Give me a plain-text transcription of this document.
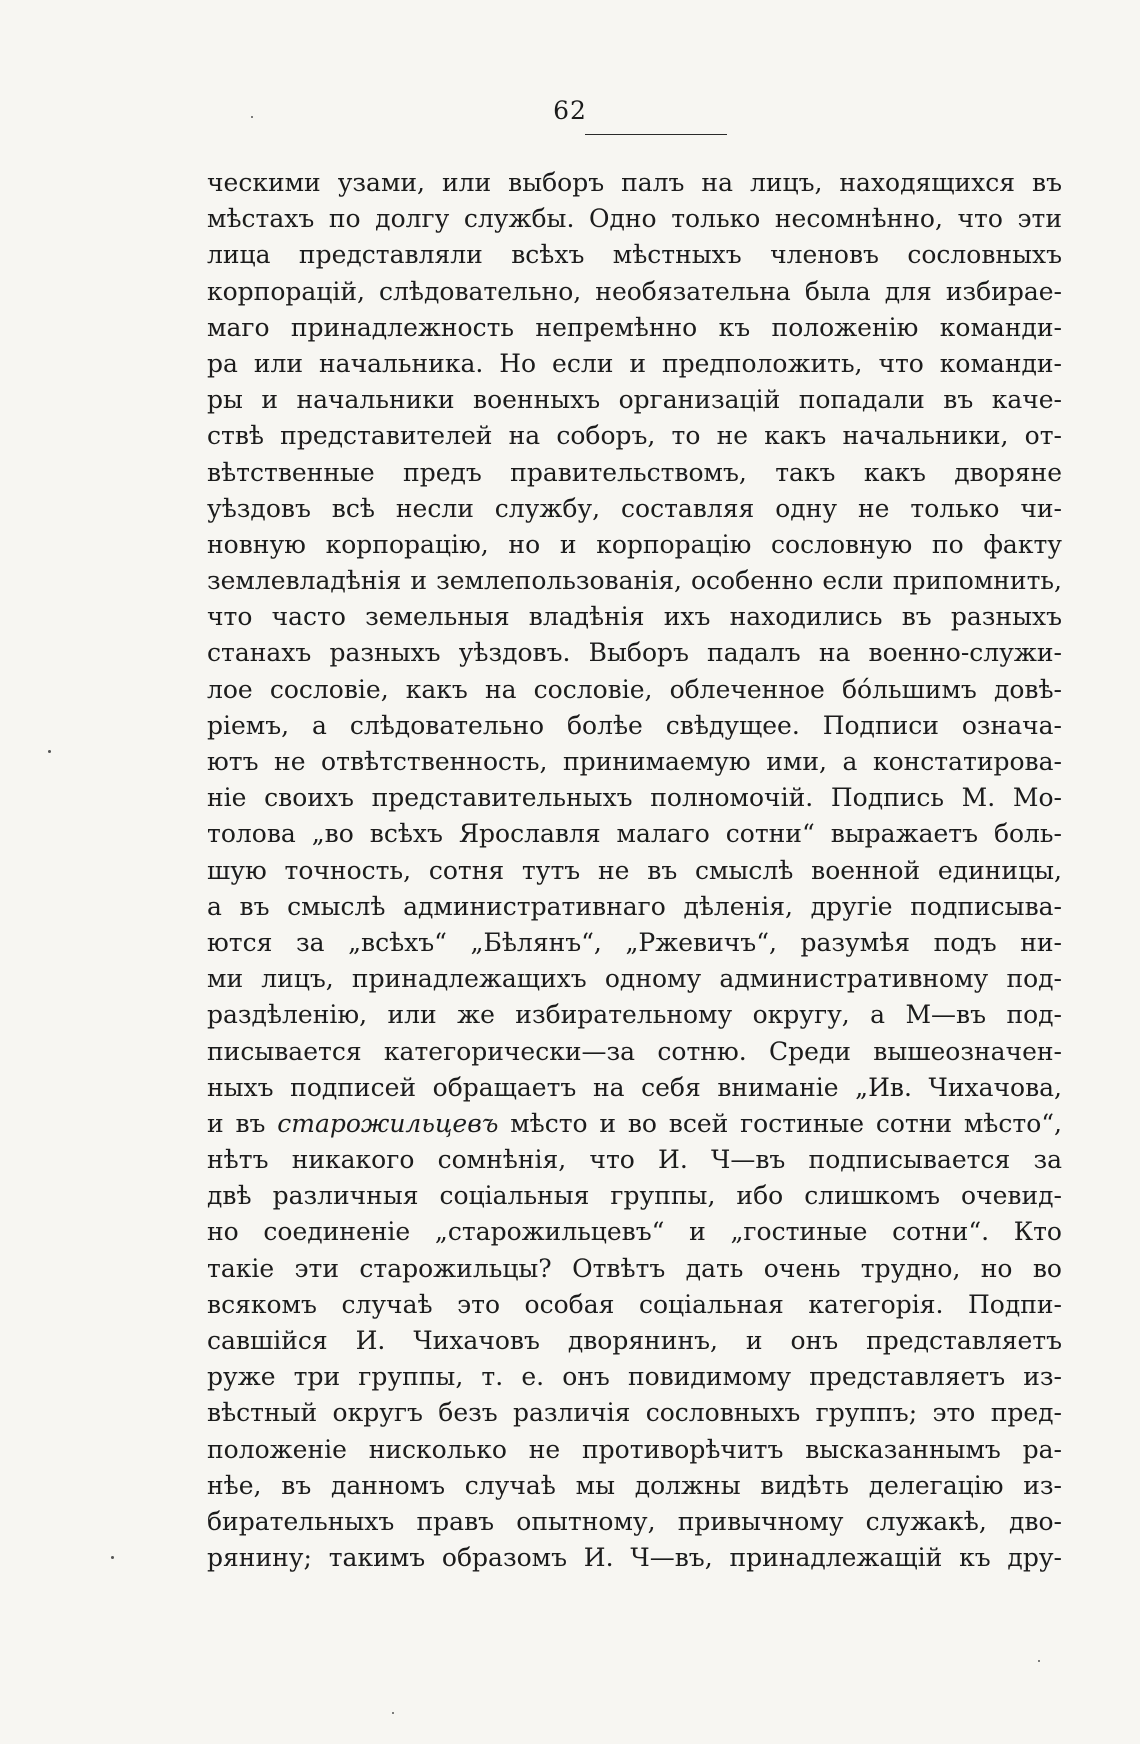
62
ческими узами, или выборъ палъ на лицъ, находящихся въ
мѣстахъ по долгу службы. Одно только несомнѣнно, что эти
лица представляли всѣхъ мѣстныхъ членовъ сословныхъ
корпорацій, слѣдовательно, необязательна была для избирае-
маго принадлежность непремѣнно къ положенію команди-
ра или начальника. Но если и предположить, что команди-
ры и начальники военныхъ организацій попадали въ каче-
ствѣ представителей на соборъ, то не какъ начальники, от-
вѣтственные предъ правительствомъ, такъ какъ дворяне
уѣздовъ всѣ несли службу, составляя одну не только чи-
новную корпорацію, но и корпорацію сословную по факту
землевладѣнія и землепользованія, особенно если припомнить,
что часто земельныя владѣнія ихъ находились въ разныхъ
станахъ разныхъ уѣздовъ. Выборъ падалъ на военно-служи-
лое сословіе, какъ на сословіе, облеченное бо́льшимъ довѣ-
ріемъ, а слѣдовательно болѣе свѣдущее. Подписи означа-
ютъ не отвѣтственность, принимаемую ими, а констатирова-
ніе своихъ представительныхъ полномочій. Подпись М. Мо-
толова „во всѣхъ Ярославля малаго сотни“ выражаетъ боль-
шую точность, сотня тутъ не въ смыслѣ военной единицы,
а въ смыслѣ административнаго дѣленія, другіе подписыва-
ются за „всѣхъ“ „Бѣлянъ“, „Ржевичъ“, разумѣя подъ ни-
ми лицъ, принадлежащихъ одному административному под-
раздѣленію, или же избирательному округу, а М—въ под-
писывается категорически—за сотню. Среди вышеозначен-
ныхъ подписей обращаетъ на себя вниманіе „Ив. Чихачова,
и въ старожильцевъ мѣсто и во всей гостиные сотни мѣсто“,
нѣтъ никакого сомнѣнія, что И. Ч—въ подписывается за
двѣ различныя соціальныя группы, ибо слишкомъ очевид-
но соединеніе „старожильцевъ“ и „гостиные сотни“. Кто
такіе эти старожильцы? Отвѣтъ дать очень трудно, но во
всякомъ случаѣ это особая соціальная категорія. Подпи-
савшійся И. Чихачовъ дворянинъ, и онъ представляетъ
руже три группы, т. е. онъ повидимому представляетъ из-
вѣстный округъ безъ различія сословныхъ группъ; это пред-
положеніе нисколько не противорѣчитъ высказаннымъ ра-
нѣе, въ данномъ случаѣ мы должны видѣть делегацію из-
бирательныхъ правъ опытному, привычному служакѣ, дво-
рянину; такимъ образомъ И. Ч—въ, принадлежащій къ дру-
